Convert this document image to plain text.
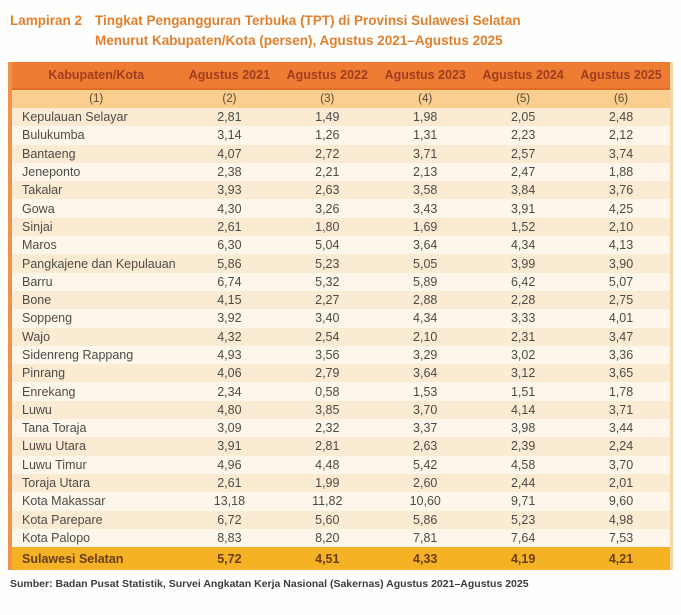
Lampiran 2 Tingkat Pengangguran Terbuka (TPT) di Provinsi Sulawesi Selatan
Menurut Kabupaten/Kota (persen), Agustus 2021–Agustus 2025
Kabupaten/Kota	Agustus 2021	Agustus 2022	Agustus 2023	Agustus 2024	Agustus 2025
(1)	(2)	(3)	(4)	(5)	(6)
Kepulauan Selayar	2,81	1,49	1,98	2,05	2,48
Bulukumba	3,14	1,26	1,31	2,23	2,12
Bantaeng	4,07	2,72	3,71	2,57	3,74
Jeneponto	2,38	2,21	2,13	2,47	1,88
Takalar	3,93	2,63	3,58	3,84	3,76
Gowa	4,30	3,26	3,43	3,91	4,25
Sinjai	2,61	1,80	1,69	1,52	2,10
Maros	6,30	5,04	3,64	4,34	4,13
Pangkajene dan Kepulauan	5,86	5,23	5,05	3,99	3,90
Barru	6,74	5,32	5,89	6,42	5,07
Bone	4,15	2,27	2,88	2,28	2,75
Soppeng	3,92	3,40	4,34	3,33	4,01
Wajo	4,32	2,54	2,10	2,31	3,47
Sidenreng Rappang	4,93	3,56	3,29	3,02	3,36
Pinrang	4,06	2,79	3,64	3,12	3,65
Enrekang	2,34	0,58	1,53	1,51	1,78
Luwu	4,80	3,85	3,70	4,14	3,71
Tana Toraja	3,09	2,32	3,37	3,98	3,44
Luwu Utara	3,91	2,81	2,63	2,39	2,24
Luwu Timur	4,96	4,48	5,42	4,58	3,70
Toraja Utara	2,61	1,99	2,60	2,44	2,01
Kota Makassar	13,18	11,82	10,60	9,71	9,60
Kota Parepare	6,72	5,60	5,86	5,23	4,98
Kota Palopo	8,83	8,20	7,81	7,64	7,53
Sulawesi Selatan	5,72	4,51	4,33	4,19	4,21
Sumber: Badan Pusat Statistik, Survei Angkatan Kerja Nasional (Sakernas) Agustus 2021–Agustus 2025
